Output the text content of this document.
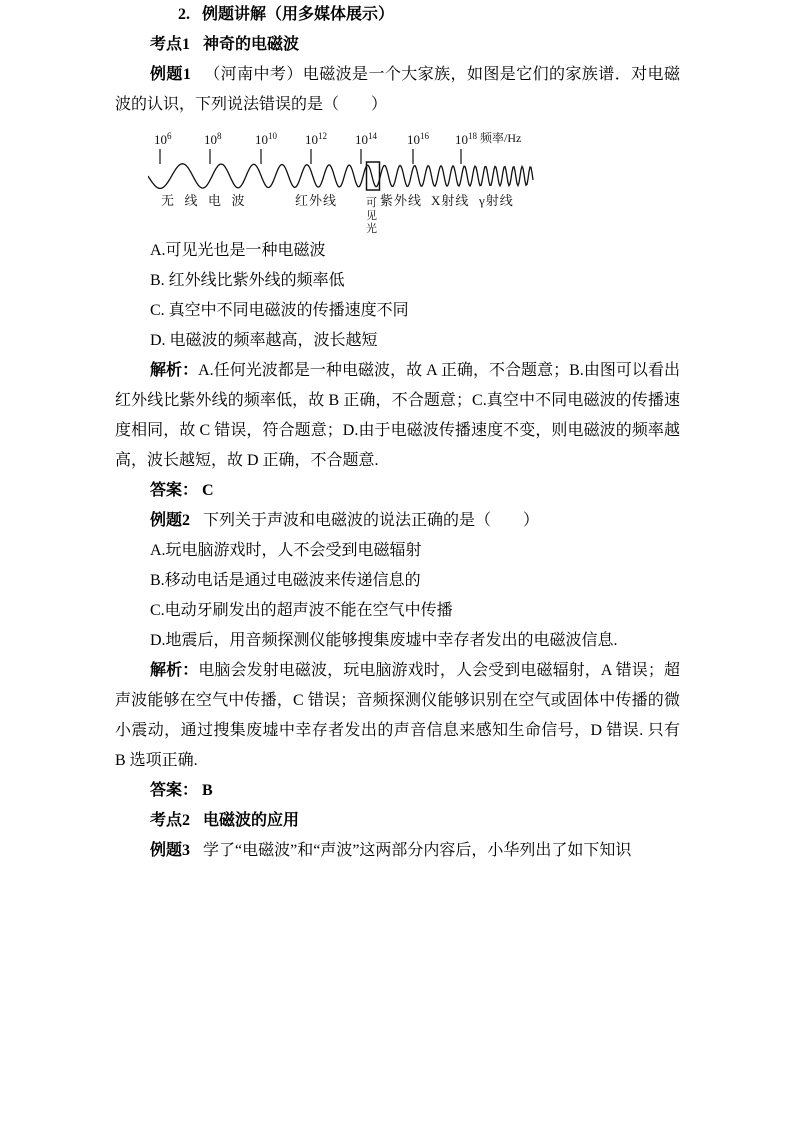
2. 例题讲解（用多媒体展示）

考点1 神奇的电磁波

例题1 （河南中考）电磁波是一个大家族，如图是它们的家族谱．对电磁波的认识，下列说法错误的是（　　）

$10^6$	$10^8$	$10^{10}$ $10^{12}$ $10^{14}$ $10^{16}$ $10^{18}$ 频率/Hz
无线电波	红外线	可
见
光
紫外线 X射线 γ射线

A.可见光也是一种电磁波

B. 红外线比紫外线的频率低

C. 真空中不同电磁波的传播速度不同

D. 电磁波的频率越高，波长越短

解析：A.任何光波都是一种电磁波，故 A 正确，不合题意；B.由图可以看出红外线比紫外线的频率低，故 B 正确，不合题意；C.真空中不同电磁波的传播速度相同，故 C 错误，符合题意；D.由于电磁波传播速度不变，则电磁波的频率越高，波长越短，故 D 正确，不合题意.

答案： C

例题2 下列关于声波和电磁波的说法正确的是（　　）

A.玩电脑游戏时，人不会受到电磁辐射

B.移动电话是通过电磁波来传递信息的

C.电动牙刷发出的超声波不能在空气中传播

D.地震后，用音频探测仪能够搜集废墟中幸存者发出的电磁波信息.

解析：电脑会发射电磁波，玩电脑游戏时，人会受到电磁辐射，A 错误；超声波能够在空气中传播，C 错误；音频探测仪能够识别在空气或固体中传播的微小震动，通过搜集废墟中幸存者发出的声音信息来感知生命信号，D 错误. 只有 B 选项正确.

答案： B

考点2 电磁波的应用

例题3 学了“电磁波”和“声波”这两部分内容后，小华列出了如下知识
